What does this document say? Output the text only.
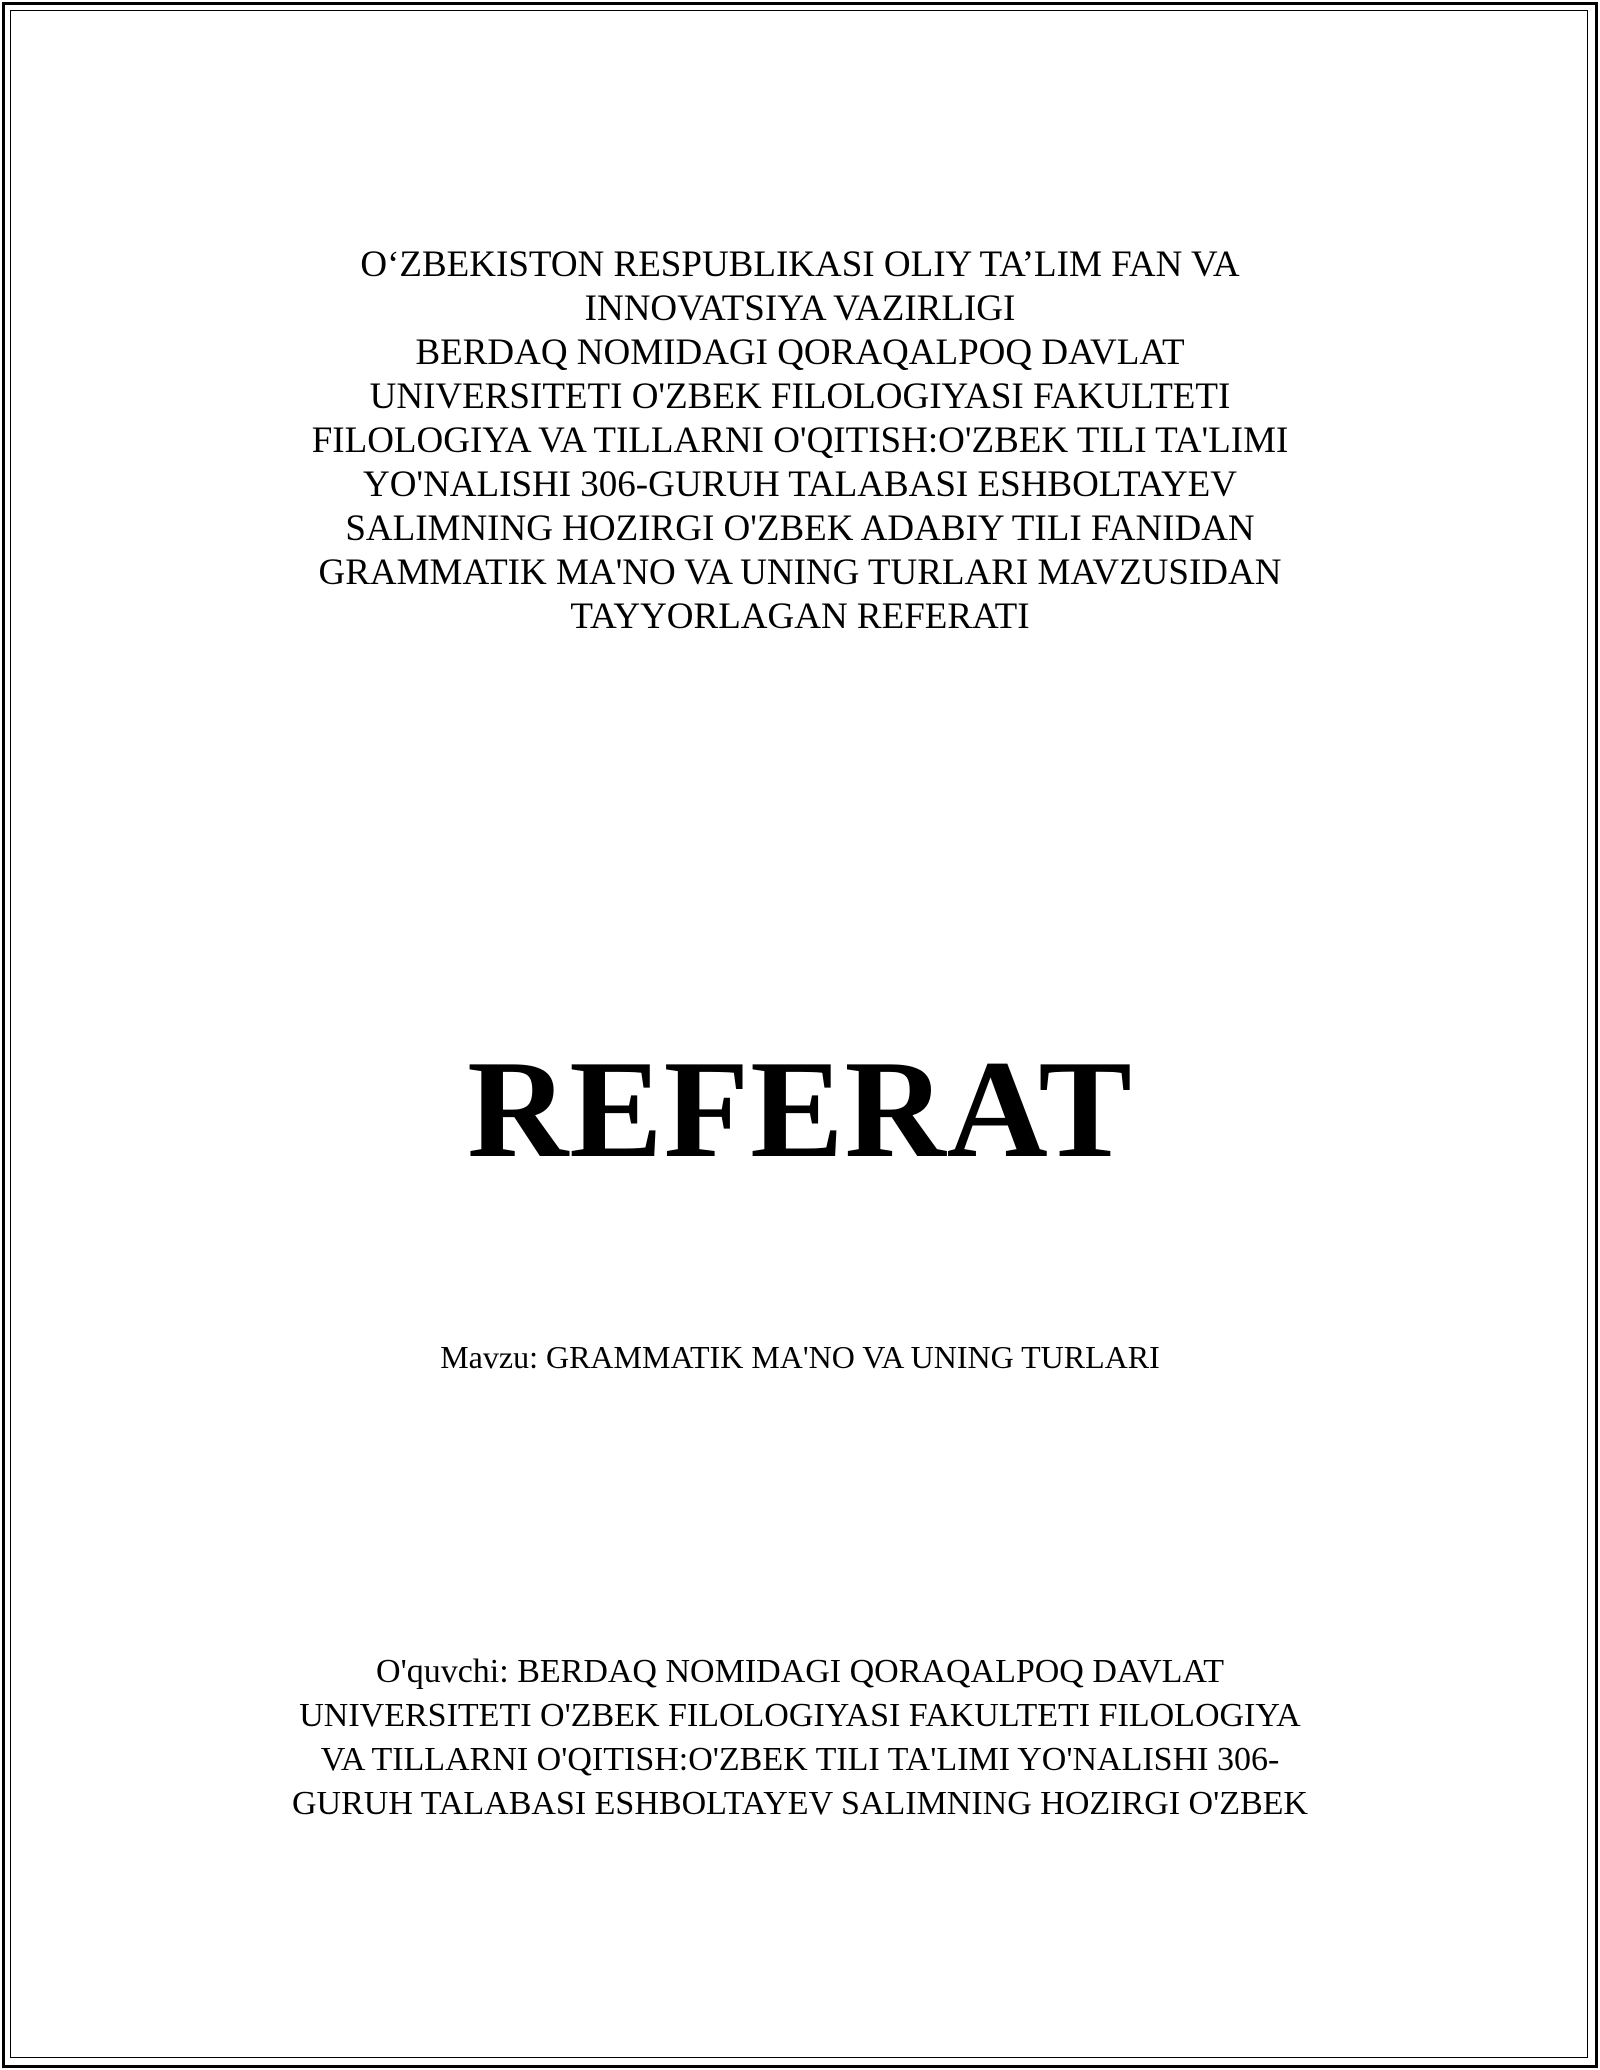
O‘ZBEKISTON RESPUBLIKASI OLIY TA’LIM FAN VA
INNOVATSIYA VAZIRLIGI
BERDAQ NOMIDAGI QORAQALPOQ DAVLAT
UNIVERSITETI O'ZBEK FILOLOGIYASI FAKULTETI
FILOLOGIYA VA TILLARNI O'QITISH:O'ZBEK TILI TA'LIMI
YO'NALISHI 306-GURUH TALABASI ESHBOLTAYEV
SALIMNING HOZIRGI O'ZBEK ADABIY TILI FANIDAN
GRAMMATIK MA'NO VA UNING TURLARI MAVZUSIDAN
TAYYORLAGAN REFERATI
REFERAT
Mavzu: GRAMMATIK MA'NO VA UNING TURLARI
O'quvchi: BERDAQ NOMIDAGI QORAQALPOQ DAVLAT
UNIVERSITETI O'ZBEK FILOLOGIYASI FAKULTETI FILOLOGIYA
VA TILLARNI O'QITISH:O'ZBEK TILI TA'LIMI YO'NALISHI 306-
GURUH TALABASI ESHBOLTAYEV SALIMNING HOZIRGI O'ZBEK
